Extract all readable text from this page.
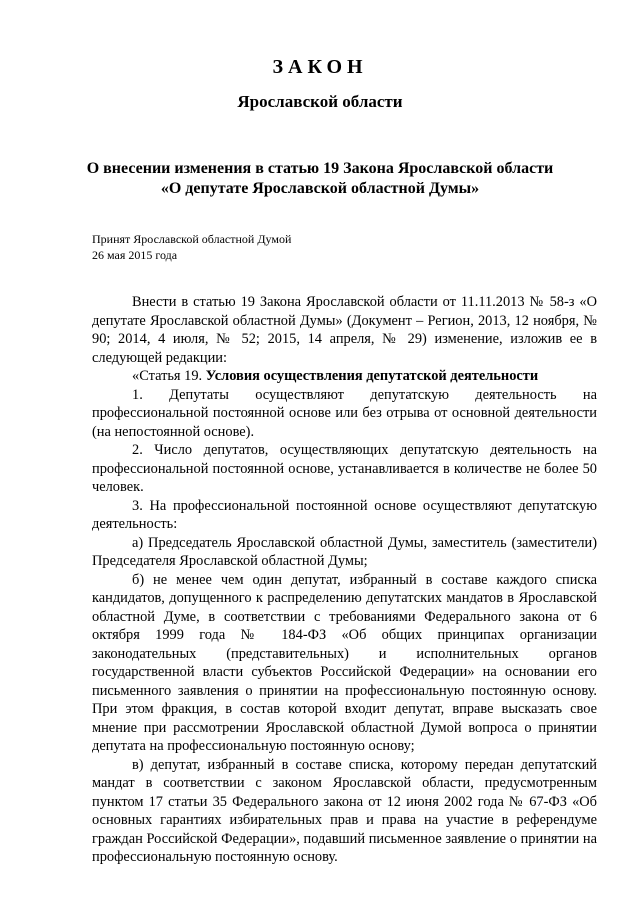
ЗАКОН
Ярославской области
О внесении изменения в статью 19 Закона Ярославской области
«О депутате Ярославской областной Думы»
Принят Ярославской областной Думой
26 мая 2015 года

Внести в статью 19 Закона Ярославской области от 11.11.2013 № 58-з «О депутате Ярославской областной Думы» (Документ – Регион, 2013, 12 ноября, № 90; 2014, 4 июля, № 52; 2015, 14 апреля, № 29) изменение, изложив ее в следующей редакции:

«Статья 19. Условия осуществления депутатской деятельности

1. Депутаты осуществляют депутатскую деятельность на профессиональной постоянной основе или без отрыва от основной деятельности (на непостоянной основе).

2. Число депутатов, осуществляющих депутатскую деятельность на профессиональной постоянной основе, устанавливается в количестве не более 50 человек.

3. На профессиональной постоянной основе осуществляют депутатскую деятельность:

а) Председатель Ярославской областной Думы, заместитель (заместители) Председателя Ярославской областной Думы;

б) не менее чем один депутат, избранный в составе каждого списка кандидатов, допущенного к распределению депутатских мандатов в Ярославской областной Думе, в соответствии с требованиями Федерального закона от 6 октября 1999 года № 184-ФЗ «Об общих принципах организации законодательных (представительных) и исполнительных органов государственной власти субъектов Российской Федерации» на основании его письменного заявления о принятии на профессиональную постоянную основу. При этом фракция, в состав которой входит депутат, вправе высказать свое мнение при рассмотрении Ярославской областной Думой вопроса о принятии депутата на профессиональную постоянную основу;

в) депутат, избранный в составе списка, которому передан депутатский мандат в соответствии с законом Ярославской области, предусмотренным пунктом 17 статьи 35 Федерального закона от 12 июня 2002 года № 67-ФЗ «Об основных гарантиях избирательных прав и права на участие в референдуме граждан Российской Федерации», подавший письменное заявление о принятии на профессиональную постоянную основу.
